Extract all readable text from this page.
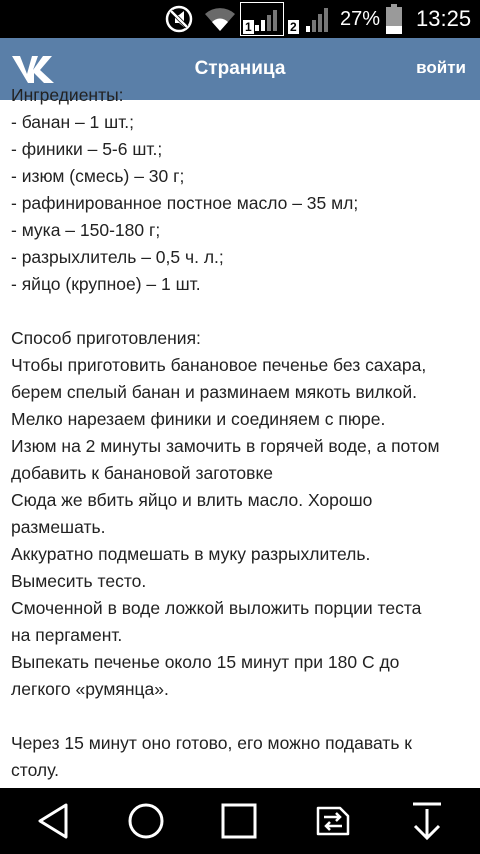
1	2 27% 13:25
Страница	войти
Ингредиенты:
- банан – 1 шт.;
- финики – 5-6 шт.;
- изюм (смесь) – 30 г;
- рафинированное постное масло – 35 мл;
- мука – 150-180 г;
- разрыхлитель – 0,5 ч. л.;
- яйцо (крупное) – 1 шт.
Способ приготовления:
Чтобы приготовить банановое печенье без сахара,
берем спелый банан и разминаем мякоть вилкой.
Мелко нарезаем финики и соединяем с пюре.
Изюм на 2 минуты замочить в горячей воде, а потом
добавить к банановой заготовке
Сюда же вбить яйцо и влить масло. Хорошо
размешать.
Аккуратно подмешать в муку разрыхлитель.
Вымесить тесто.
Смоченной в воде ложкой выложить порции теста
на пергамент.
Выпекать печенье около 15 минут при 180 С до
легкого «румянца».
Через 15 минут оно готово, его можно подавать к
столу.
